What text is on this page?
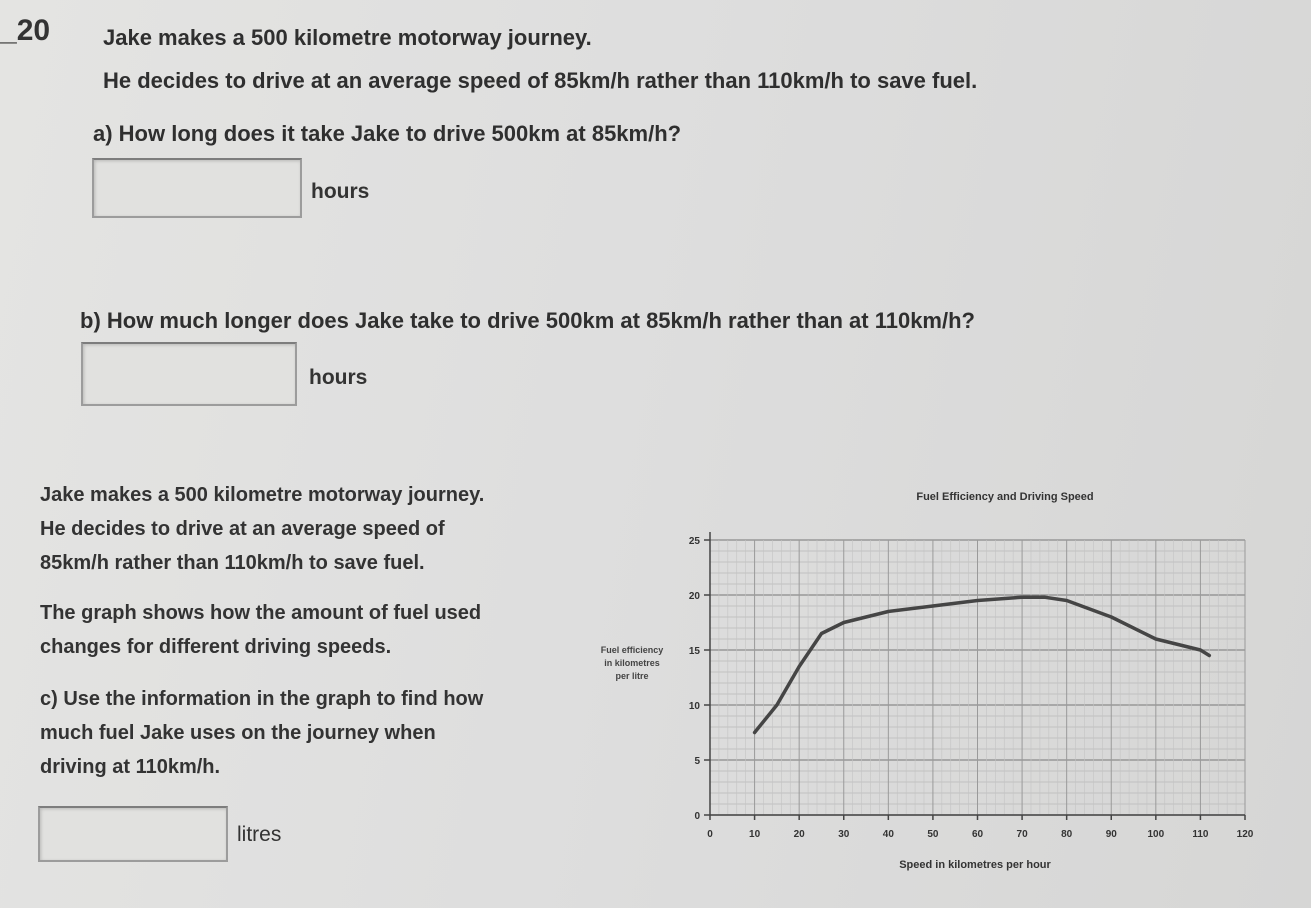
_20 Jake makes a 500 kilometre motorway journey.
He decides to drive at an average speed of 85km/h rather than 110km/h to save fuel.
a) How long does it take Jake to drive 500km at 85km/h?
hours
b) How much longer does Jake take to drive 500km at 85km/h rather than at 110km/h?
hours
Jake makes a 500 kilometre motorway journey.
He decides to drive at an average speed of
85km/h rather than 110km/h to save fuel.
The graph shows how the amount of fuel used
changes for different driving speeds.
c) Use the information in the graph to find how
much fuel Jake uses on the journey when
driving at 110km/h.
litres
Fuel Efficiency and Driving Speed
Fuel efficiency
in kilometres
per litre
0
5
10
15
20
25
0	10	20	30	40	50	60	70	80	90	100	110	120
Speed in kilometres per hour
